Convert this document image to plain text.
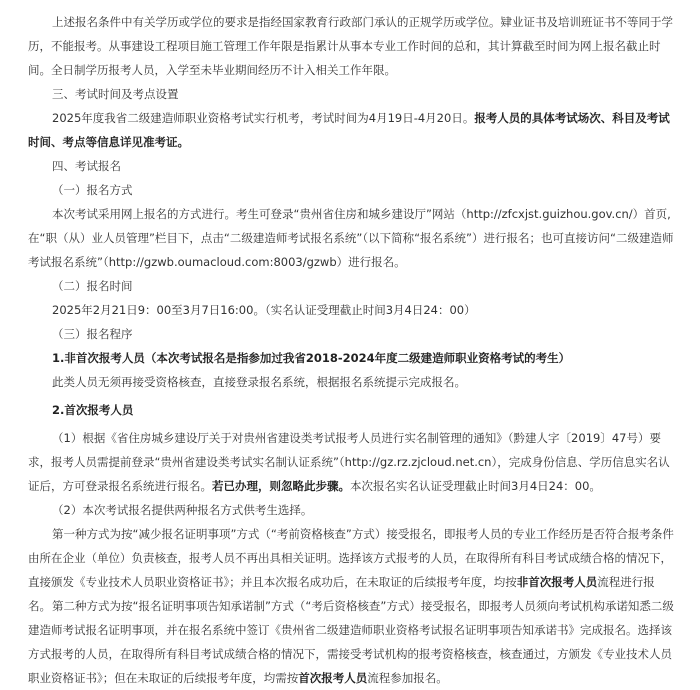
上述报名条件中有关学历或学位的要求是指经国家教育行政部门承认的正规学历或学位。肄业证书及培训班证书不等同于学历，不能报考。从事建设工程项目施工管理工作年限是指累计从事本专业工作时间的总和，其计算截至时间为网上报名截止时间。全日制学历报考人员，入学至未毕业期间经历不计入相关工作年限。

三、考试时间及考点设置

2025年度我省二级建造师职业资格考试实行机考，考试时间为4月19日-4月20日。报考人员的具体考试场次、科目及考试时间、考点等信息详见准考证。

四、考试报名

（一）报名方式

本次考试采用网上报名的方式进行。考生可登录“贵州省住房和城乡建设厅”网站（http://zfcxjst.guizhou.gov.cn/）首页,在“职（从）业人员管理”栏目下，点击“二级建造师考试报名系统”（以下简称“报名系统”）进行报名；也可直接访问“二级建造师考试报名系统”（http://gzwb.oumacloud.com:8003/gzwb）进行报名。

（二）报名时间

2025年2月21日9：00至3月7日16:00。（实名认证受理截止时间3月4日24：00）

（三）报名程序

1.非首次报考人员（本次考试报名是指参加过我省2018-2024年度二级建造师职业资格考试的考生）

此类人员无须再接受资格核查，直接登录报名系统，根据报名系统提示完成报名。

2.首次报考人员

（1）根据《省住房城乡建设厅关于对贵州省建设类考试报考人员进行实名制管理的通知》（黔建人字〔2019〕47号）要求，报考人员需提前登录“贵州省建设类考试实名制认证系统”（http://gz.rz.zjcloud.net.cn），完成身份信息、学历信息实名认证后，方可登录报名系统进行报名。若已办理，则忽略此步骤。本次报名实名认证受理截止时间3月4日24：00。

（2）本次考试报名提供两种报名方式供考生选择。

第一种方式为按“减少报名证明事项”方式（“考前资格核查”方式）接受报名，即报考人员的专业工作经历是否符合报考条件由所在企业（单位）负责核查，报考人员不再出具相关证明。选择该方式报考的人员，在取得所有科目考试成绩合格的情况下，直接颁发《专业技术人员职业资格证书》；并且本次报名成功后，在未取证的后续报考年度，均按非首次报考人员流程进行报名。 第二种方式为按“报名证明事项告知承诺制”方式（“考后资格核查”方式）接受报名，即报考人员须向考试机构承诺知悉二级建造师考试报名证明事项，并在报名系统中签订《贵州省二级建造师职业资格考试报名证明事项告知承诺书》完成报名。选择该方式报考的人员，在取得所有科目考试成绩合格的情况下，需接受考试机构的报考资格核查，核查通过，方颁发《专业技术人员职业资格证书》；但在未取证的后续报考年度，均需按首次报考人员流程参加报名。
